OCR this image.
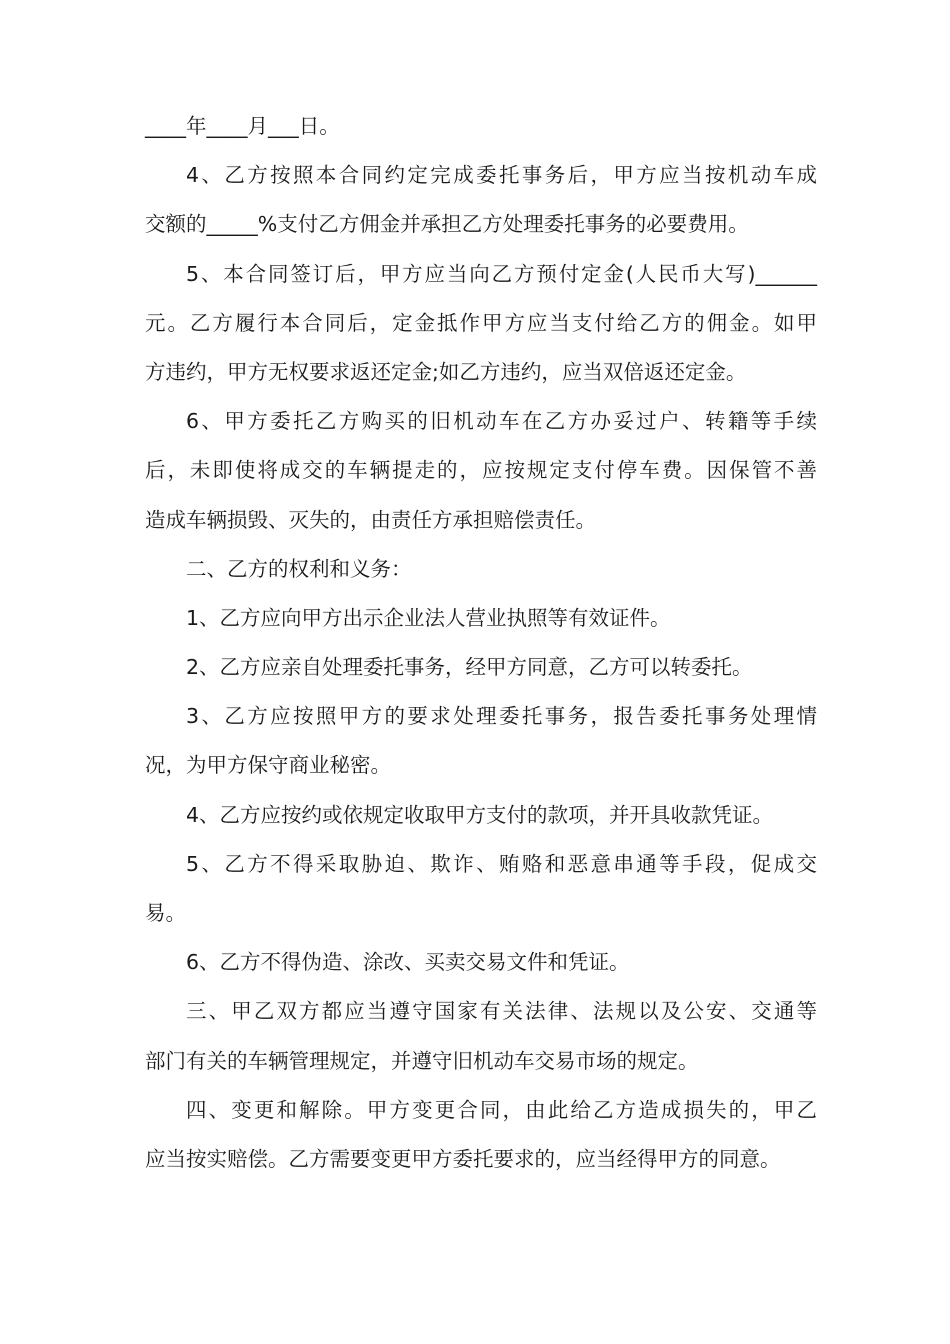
____年____月___日。
4、乙方按照本合同约定完成委托事务后，甲方应当按机动车成
交额的_____%支付乙方佣金并承担乙方处理委托事务的必要费用。
5、本合同签订后，甲方应当向乙方预付定金(人民币大写)______
元。乙方履行本合同后，定金抵作甲方应当支付给乙方的佣金。如甲
方违约，甲方无权要求返还定金;如乙方违约，应当双倍返还定金。
6、甲方委托乙方购买的旧机动车在乙方办妥过户、转籍等手续
后，未即使将成交的车辆提走的，应按规定支付停车费。因保管不善
造成车辆损毁、灭失的，由责任方承担赔偿责任。
二、乙方的权利和义务：
1、乙方应向甲方出示企业法人营业执照等有效证件。
2、乙方应亲自处理委托事务，经甲方同意，乙方可以转委托。
3、乙方应按照甲方的要求处理委托事务，报告委托事务处理情
况，为甲方保守商业秘密。
4、乙方应按约或依规定收取甲方支付的款项，并开具收款凭证。
5、乙方不得采取胁迫、欺诈、贿赂和恶意串通等手段，促成交
易。
6、乙方不得伪造、涂改、买卖交易文件和凭证。
三、甲乙双方都应当遵守国家有关法律、法规以及公安、交通等
部门有关的车辆管理规定，并遵守旧机动车交易市场的规定。
四、变更和解除。甲方变更合同，由此给乙方造成损失的，甲乙
应当按实赔偿。乙方需要变更甲方委托要求的，应当经得甲方的同意。
